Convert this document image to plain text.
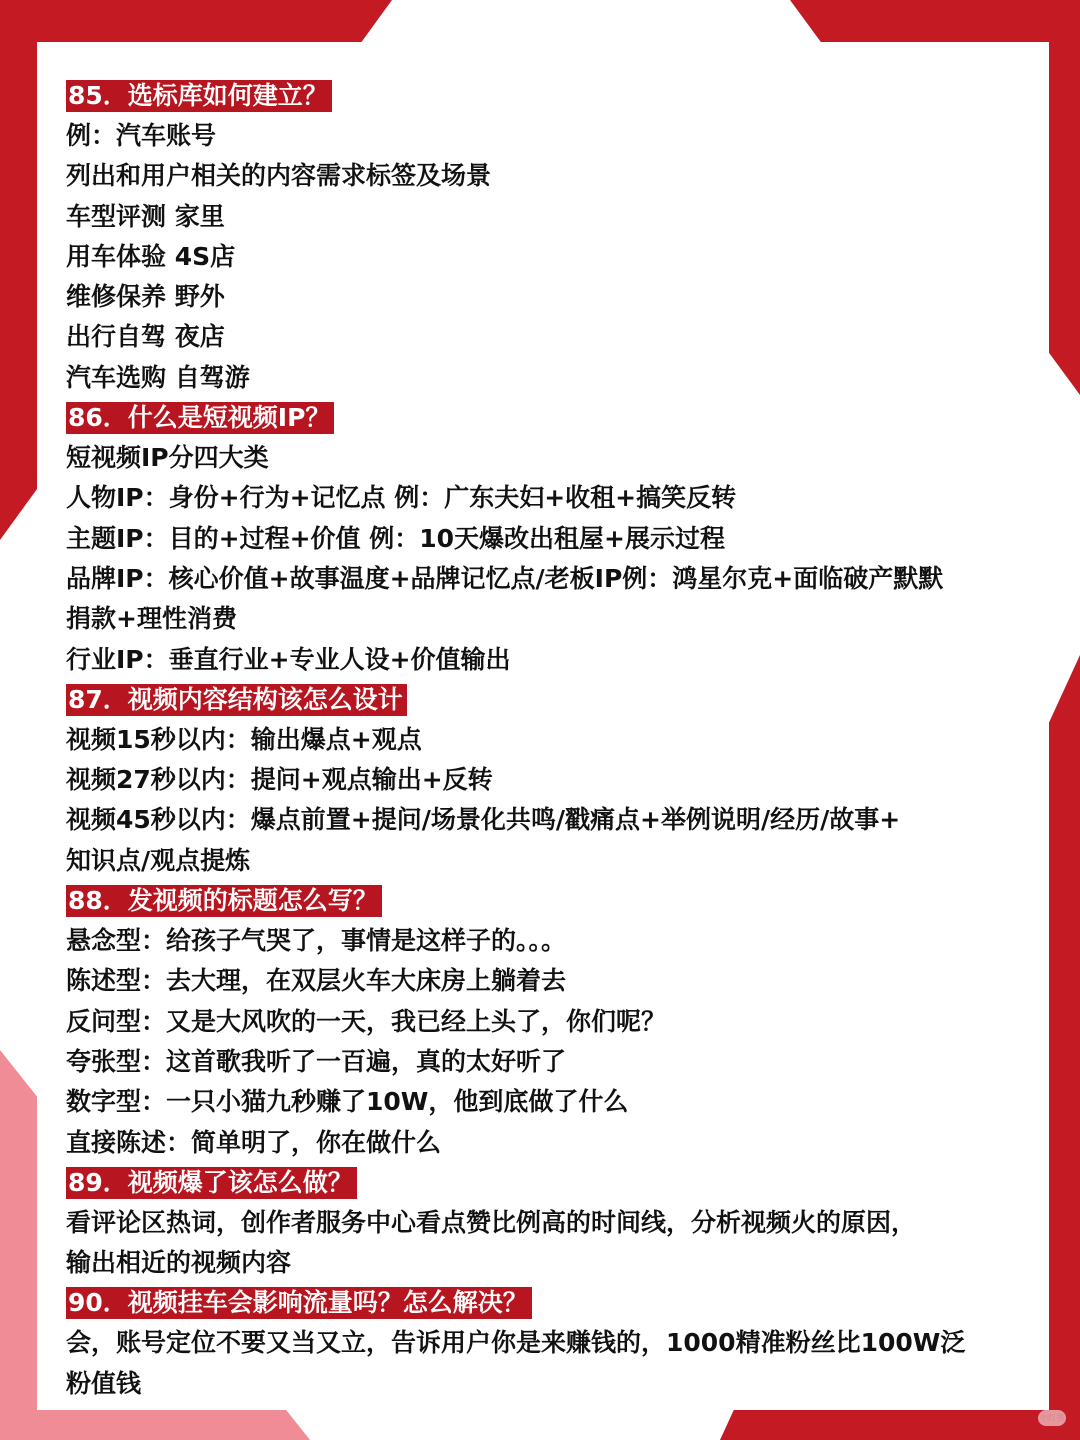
85．选标库如何建立？
例：汽车账号
列出和用户相关的内容需求标签及场景
车型评测 家里
用车体验 4S店
维修保养 野外
出行自驾 夜店
汽车选购 自驾游
86．什么是短视频IP？
短视频IP分四大类
人物IP：身份+行为+记忆点 例：广东夫妇+收租+搞笑反转
主题IP：目的+过程+价值 例：10天爆改出租屋+展示过程
品牌IP：核心价值+故事温度+品牌记忆点/老板IP例：鸿星尔克+面临破产默默
捐款+理性消费
行业IP：垂直行业+专业人设+价值输出
87．视频内容结构该怎么设计
视频15秒以内：输出爆点+观点
视频27秒以内：提问+观点输出+反转
视频45秒以内：爆点前置+提问/场景化共鸣/戳痛点+举例说明/经历/故事+
知识点/观点提炼
88．发视频的标题怎么写？
悬念型：给孩子气哭了，事情是这样子的。。。
陈述型：去大理，在双层火车大床房上躺着去
反问型：又是大风吹的一天，我已经上头了，你们呢？
夸张型：这首歌我听了一百遍，真的太好听了
数字型：一只小猫九秒赚了10W，他到底做了什么
直接陈述：简单明了，你在做什么
89．视频爆了该怎么做？
看评论区热词，创作者服务中心看点赞比例高的时间线，分析视频火的原因，
输出相近的视频内容
90．视频挂车会影响流量吗？怎么解决？
会，账号定位不要又当又立，告诉用户你是来赚钱的，1000精准粉丝比100W泛
粉值钱
小红书
